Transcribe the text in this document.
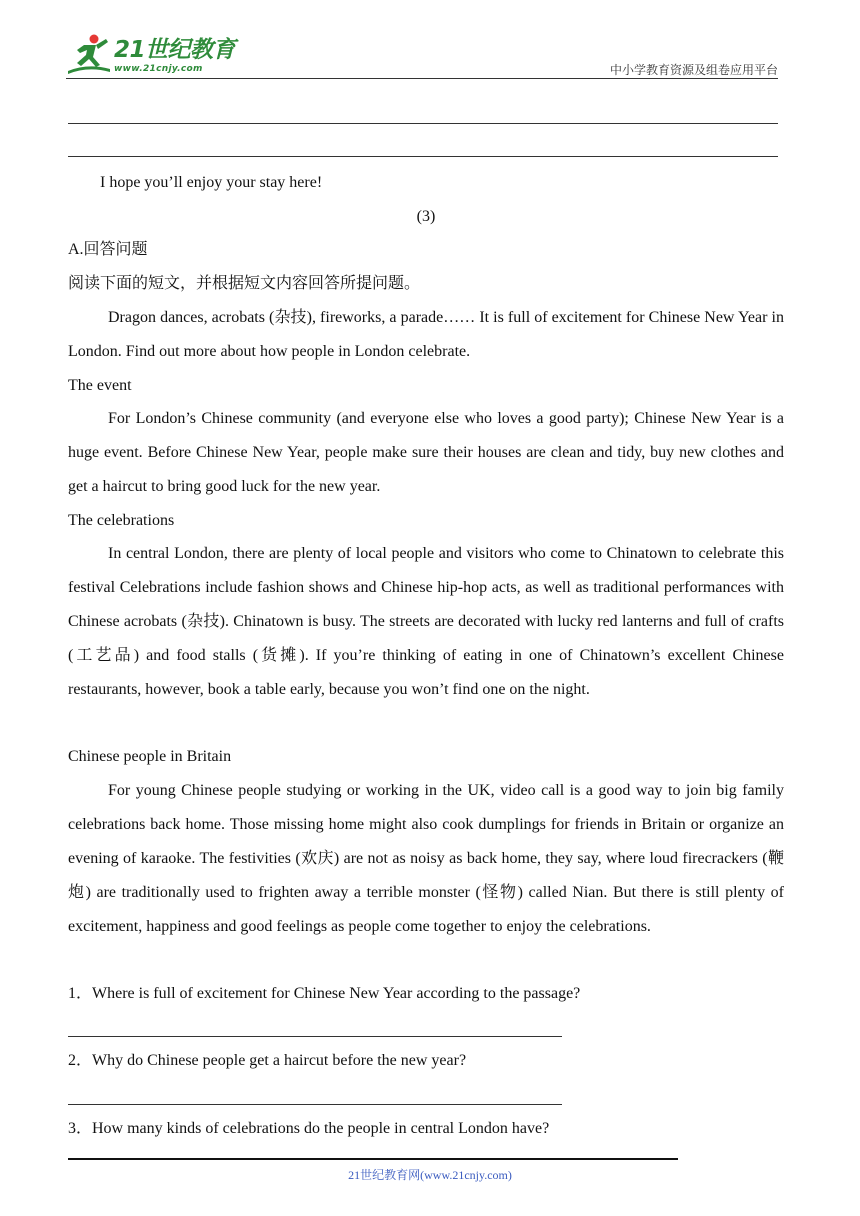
21世纪教育
www.21cnjy.com	中小学教育资源及组卷应用平台

I hope you’ll enjoy your stay here!

(3)

A.回答问题

阅读下面的短文，并根据短文内容回答所提问题。

Dragon dances, acrobats (杂技), fireworks, a parade…… It is full of excitement for Chinese New Year in London. Find out more about how people in London celebrate.

The event

For London’s Chinese community (and everyone else who loves a good party); Chinese New Year is a huge event. Before Chinese New Year, people make sure their houses are clean and tidy, buy new clothes and get a haircut to bring good luck for the new year.

The celebrations

In central London, there are plenty of local people and visitors who come to Chinatown to celebrate this festival Celebrations include fashion shows and Chinese hip-hop acts, as well as traditional performances with Chinese acrobats (杂技). Chinatown is busy. The streets are decorated with lucky red lanterns and full of crafts (工艺品) and food stalls (货摊). If you’re thinking of eating in one of Chinatown’s excellent Chinese restaurants, however, book a table early, because you won’t find one on the night.

Chinese people in Britain

For young Chinese people studying or working in the UK, video call is a good way to join big family celebrations back home. Those missing home might also cook dumplings for friends in Britain or organize an evening of karaoke. The festivities (欢庆) are not as noisy as back home, they say, where loud firecrackers (鞭炮) are traditionally used to frighten away a terrible monster (怪物) called Nian. But there is still plenty of excitement, happiness and good feelings as people come together to enjoy the celebrations.

1．Where is full of excitement for Chinese New Year according to the passage?

2．Why do Chinese people get a haircut before the new year?

3．How many kinds of celebrations do the people in central London have?

21世纪教育网(www.21cnjy.com)
